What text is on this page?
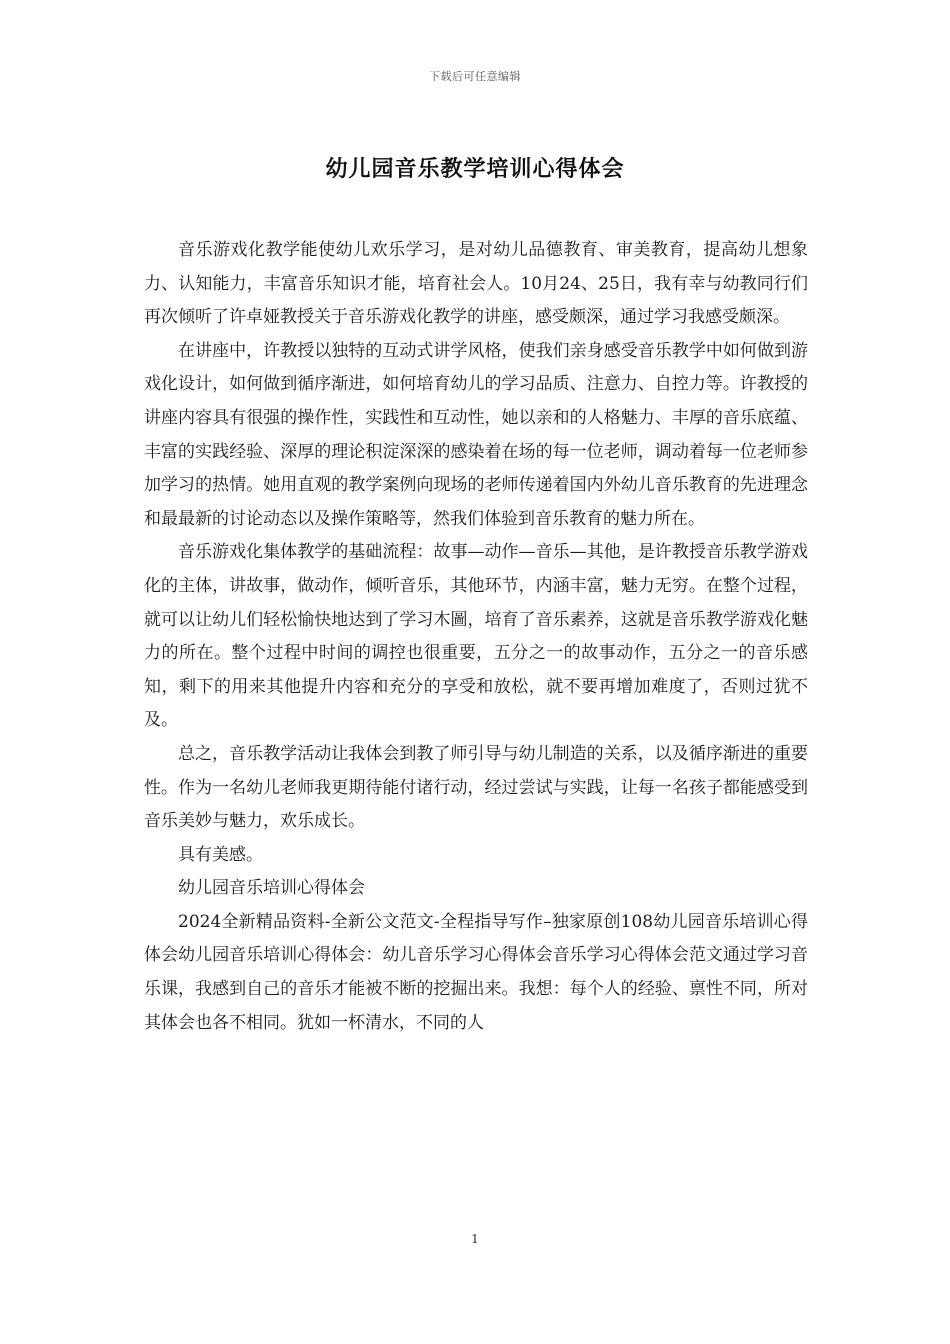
下载后可任意编辑
幼儿园音乐教学培训心得体会

音乐游戏化教学能使幼儿欢乐学习，是对幼儿品德教育、审美教育，提高幼儿想象力、认知能力，丰富音乐知识才能，培育社会人。10月24、25日，我有幸与幼教同行们再次倾听了许卓娅教授关于音乐游戏化教学的讲座，感受颇深，通过学习我感受颇深。

在讲座中，许教授以独特的互动式讲学风格，使我们亲身感受音乐教学中如何做到游戏化设计，如何做到循序渐进，如何培育幼儿的学习品质、注意力、自控力等。许教授的讲座内容具有很强的操作性，实践性和互动性，她以亲和的人格魅力、丰厚的音乐底蕴、丰富的实践经验、深厚的理论积淀深深的感染着在场的每一位老师，调动着每一位老师参加学习的热情。她用直观的教学案例向现场的老师传递着国内外幼儿音乐教育的先进理念和最最新的讨论动态以及操作策略等，然我们体验到音乐教育的魅力所在。

音乐游戏化集体教学的基础流程：故事—动作—音乐—其他，是许教授音乐教学游戏化的主体，讲故事，做动作，倾听音乐，其他环节，内涵丰富，魅力无穷。在整个过程，就可以让幼儿们轻松愉快地达到了学习木圖，培育了音乐素养，这就是音乐教学游戏化魅力的所在。整个过程中时间的调控也很重要，五分之一的故事动作，五分之一的音乐感知，剩下的用来其他提升内容和充分的享受和放松，就不要再增加难度了，否则过犹不及。

总之，音乐教学活动让我体会到教了师引导与幼儿制造的关系，以及循序渐进的重要性。作为一名幼儿老师我更期待能付诸行动，经过尝试与实践，让每一名孩子都能感受到音乐美妙与魅力，欢乐成长。

具有美感。

幼儿园音乐培训心得体会

2024全新精品资料-全新公文范文-全程指导写作–独家原创108幼儿园音乐培训心得体会幼儿园音乐培训心得体会：幼儿音乐学习心得体会音乐学习心得体会范文通过学习音乐课，我感到自己的音乐才能被不断的挖掘出来。我想：每个人的经验、禀性不同，所对其体会也各不相同。犹如一杯清水，不同的人

1
